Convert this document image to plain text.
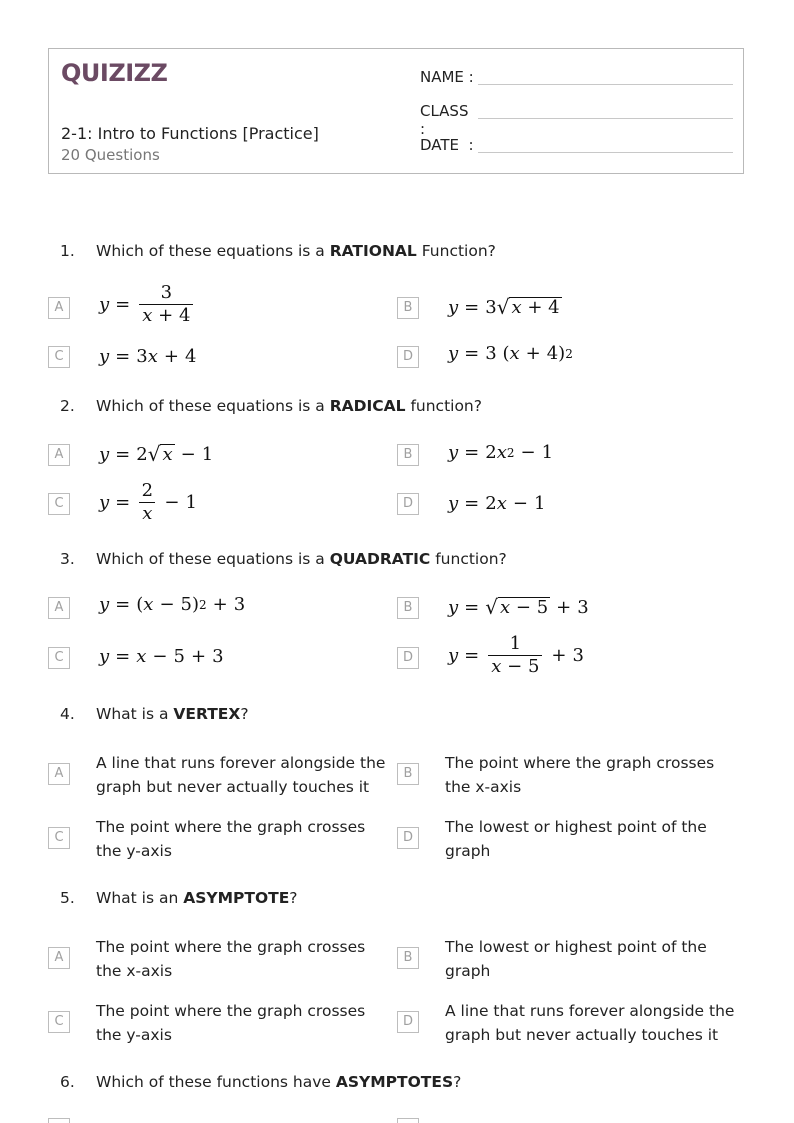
QUIZIZZ
2-1: Intro to Functions [Practice]
20 Questions
NAME :
CLASS :
DATE  :
1. Which of these equations is a RATIONAL Function?
A	$y = \frac{3}{x + 4}$	B	y = 3 √ x + 4
C	y = 3 x + 4	D	y = 3 ( x + 4) 2
2. Which of these equations is a RADICAL function?
A	y = 2 √ x − 1	B	y = 2 x 2 − 1
C	$y = \frac{2}{x} - 1$	D	y = 2 x − 1
3. Which of these equations is a QUADRATIC function?
A	y = ( x − 5) 2 + 3	B	y = √ x − 5 + 3
C	y = x − 5 + 3	D	$y = \frac{1}{x - 5} + 3$
4. What is a VERTEX?
A
A line that runs forever alongside the graph but never actually touches it
B
The point where the graph crosses the x-axis
C
The point where the graph crosses the y-axis
D
The lowest or highest point of the graph
5. What is an ASYMPTOTE?
A
The point where the graph crosses the x-axis
B
The lowest or highest point of the graph
C
The point where the graph crosses the y-axis
D
A line that runs forever alongside the graph but never actually touches it
6. Which of these functions have ASYMPTOTES?
